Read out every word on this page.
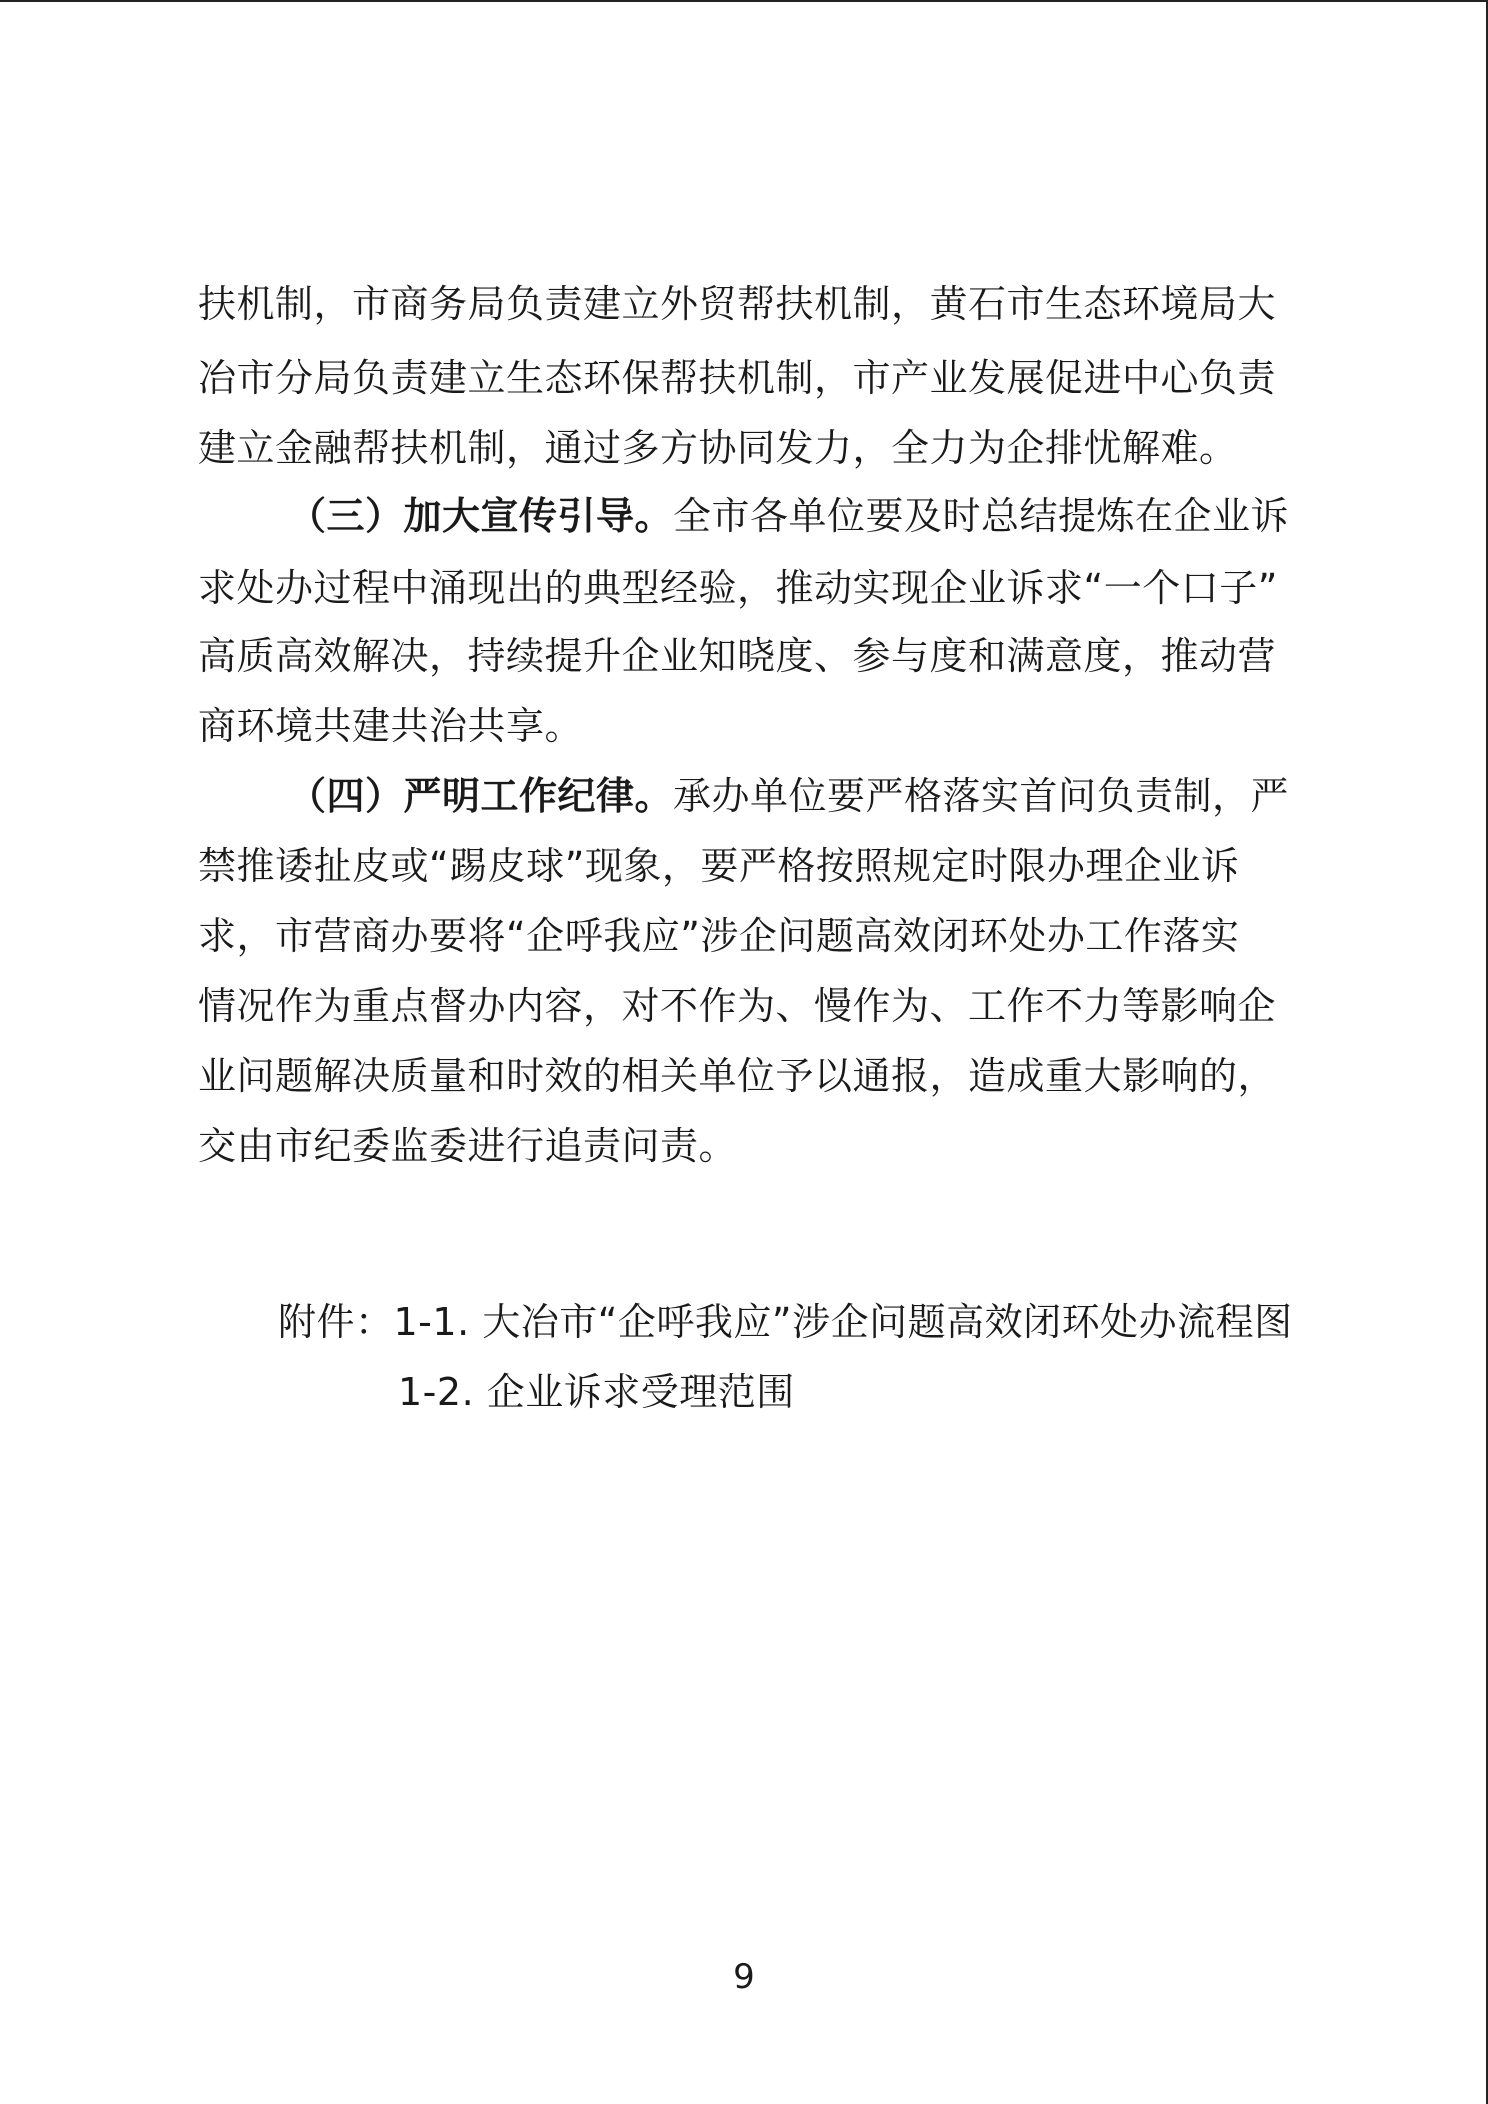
扶机制，市商务局负责建立外贸帮扶机制，黄石市生态环境局大
冶市分局负责建立生态环保帮扶机制，市产业发展促进中心负责
建立金融帮扶机制，通过多方协同发力，全力为企排忧解难。
（三）加大宣传引导。全市各单位要及时总结提炼在企业诉
求处办过程中涌现出的典型经验，推动实现企业诉求“一个口子”
高质高效解决，持续提升企业知晓度、参与度和满意度，推动营
商环境共建共治共享。
（四）严明工作纪律。承办单位要严格落实首问负责制，严
禁推诿扯皮或“踢皮球”现象，要严格按照规定时限办理企业诉
求，市营商办要将“企呼我应”涉企问题高效闭环处办工作落实
情况作为重点督办内容，对不作为、慢作为、工作不力等影响企
业问题解决质量和时效的相关单位予以通报，造成重大影响的，
交由市纪委监委进行追责问责。
附件：1-1. 大冶市“企呼我应”涉企问题高效闭环处办流程图
1-2. 企业诉求受理范围
9
